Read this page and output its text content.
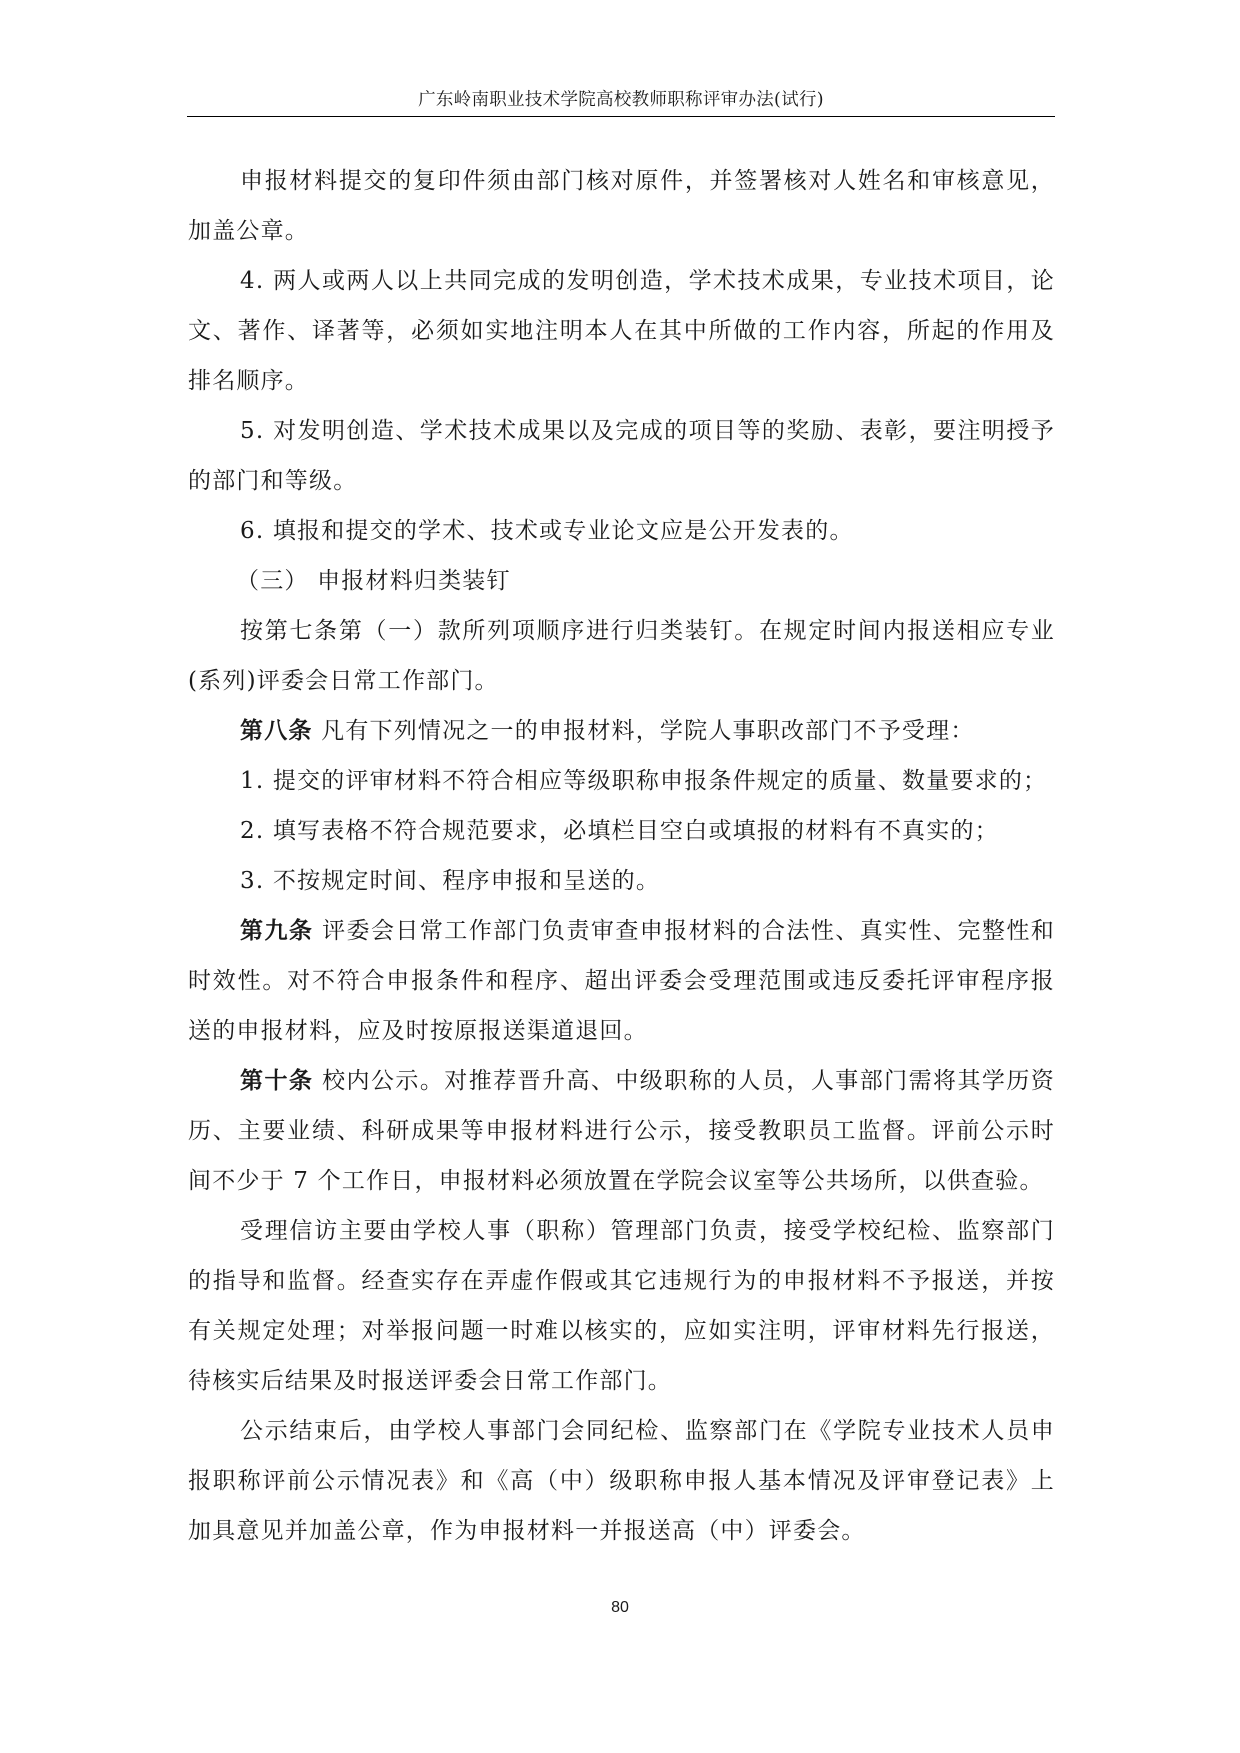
广东岭南职业技术学院高校教师职称评审办法(试行)

申报材料提交的复印件须由部门核对原件，并签署核对人姓名和审核意见，加盖公章。

4. 两人或两人以上共同完成的发明创造，学术技术成果，专业技术项目，论文、著作、译著等，必须如实地注明本人在其中所做的工作内容，所起的作用及排名顺序。

5. 对发明创造、学术技术成果以及完成的项目等的奖励、表彰，要注明授予的部门和等级。

6. 填报和提交的学术、技术或专业论文应是公开发表的。

（三） 申报材料归类装钉

按第七条第（一）款所列项顺序进行归类装钉。在规定时间内报送相应专业(系列)评委会日常工作部门。

第八条 凡有下列情况之一的申报材料，学院人事职改部门不予受理：

1. 提交的评审材料不符合相应等级职称申报条件规定的质量、数量要求的；

2. 填写表格不符合规范要求，必填栏目空白或填报的材料有不真实的；

3. 不按规定时间、程序申报和呈送的。

第九条 评委会日常工作部门负责审查申报材料的合法性、真实性、完整性和时效性。对不符合申报条件和程序、超出评委会受理范围或违反委托评审程序报送的申报材料，应及时按原报送渠道退回。

第十条 校内公示。对推荐晋升高、中级职称的人员，人事部门需将其学历资历、主要业绩、科研成果等申报材料进行公示，接受教职员工监督。评前公示时间不少于 7 个工作日，申报材料必须放置在学院会议室等公共场所，以供查验。

受理信访主要由学校人事（职称）管理部门负责，接受学校纪检、监察部门的指导和监督。经查实存在弄虚作假或其它违规行为的申报材料不予报送，并按有关规定处理；对举报问题一时难以核实的，应如实注明，评审材料先行报送，待核实后结果及时报送评委会日常工作部门。

公示结束后，由学校人事部门会同纪检、监察部门在《学院专业技术人员申报职称评前公示情况表》和《高（中）级职称申报人基本情况及评审登记表》上加具意见并加盖公章，作为申报材料一并报送高（中）评委会。

80
